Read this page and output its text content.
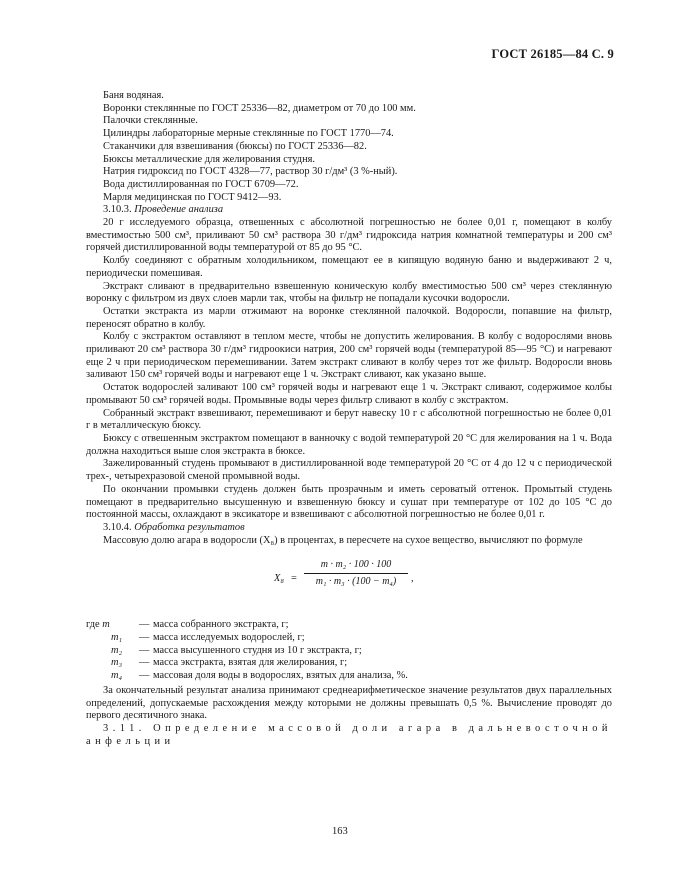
ГОСТ 26185—84 С. 9

Баня водяная.

Воронки стеклянные по ГОСТ 25336—82, диаметром от 70 до 100 мм.

Палочки стеклянные.

Цилиндры лабораторные мерные стеклянные по ГОСТ 1770—74.

Стаканчики для взвешивания (бюксы) по ГОСТ 25336—82.

Бюксы металлические для желирования студня.

Натрия гидроксид по ГОСТ 4328—77, раствор 30 г/дм³ (3 %-ный).

Вода дистиллированная по ГОСТ 6709—72.

Марля медицинская по ГОСТ 9412—93.

3.10.3. Проведение анализа

20 г исследуемого образца, отвешенных с абсолютной погрешностью не более 0,01 г, помещают в колбу вместимостью 500 см³, приливают 50 см³ раствора 30 г/дм³ гидроксида натрия комнатной температуры и 200 см³ горячей дистиллированной воды температурой от 85 до 95 °С.

Колбу соединяют с обратным холодильником, помещают ее в кипящую водяную баню и выдерживают 2 ч, периодически помешивая.

Экстракт сливают в предварительно взвешенную коническую колбу вместимостью 500 см³ через стеклянную воронку с фильтром из двух слоев марли так, чтобы на фильтр не попадали кусочки водоросли.

Остатки экстракта из марли отжимают на воронке стеклянной палочкой. Водоросли, попавшие на фильтр, переносят обратно в колбу.

Колбу с экстрактом оставляют в теплом месте, чтобы не допустить желирования. В колбу с водорослями вновь приливают 20 см³ раствора 30 г/дм³ гидроокиси натрия, 200 см³ горячей воды (температурой 85—95 °С) и нагревают еще 2 ч при периодическом перемешивании. Затем экстракт сливают в колбу через тот же фильтр. Водоросли вновь заливают 150 см³ горячей воды и нагревают еще 1 ч. Экстракт сливают, как указано выше.

Остаток водорослей заливают 100 см³ горячей воды и нагревают еще 1 ч. Экстракт сливают, содержимое колбы промывают 50 см³ горячей воды. Промывные воды через фильтр сливают в колбу с экстрактом.

Собранный экстракт взвешивают, перемешивают и берут навеску 10 г с абсолютной погрешностью не более 0,01 г в металлическую бюксу.

Бюксу с отвешенным экстрактом помещают в ванночку с водой температурой 20 °С для желирования на 1 ч. Вода должна находиться выше слоя экстракта в бюксе.

Зажелированный студень промывают в дистиллированной воде температурой 20 °С от 4 до 12 ч с периодической трех-, четырехразовой сменой промывной воды.

По окончании промывки студень должен быть прозрачным и иметь сероватый оттенок. Промытый студень помещают в предварительно высушенную и взвешенную бюксу и сушат при температуре от 102 до 105 °С до постоянной массы, охлаждают в эксикаторе и взвешивают с абсолютной погрешностью не более 0,01 г.

3.10.4. Обработка результатов

Массовую долю агара в водоросли (X₈) в процентах, в пересчете на сухое вещество, вычисляют по формуле

X₈ =
m · m₂ · 100 · 100
m₁ · m₃ · (100 − m₄)	,
где m	— масса собранного экстракта, г;
m₁	— масса исследуемых водорослей, г;
m₂	— масса высушенного студня из 10 г экстракта, г;
m₃	— масса экстракта, взятая для желирования, г;
m₄	— массовая доля воды в водорослях, взятых для анализа, %.

За окончательный результат анализа принимают среднеарифметическое значение результатов двух параллельных определений, допускаемые расхождения между которыми не должны превышать 0,5 %. Вычисление проводят до первого десятичного знака.

3.11. Определение массовой доли агара в дальневосточной анфельции

163
